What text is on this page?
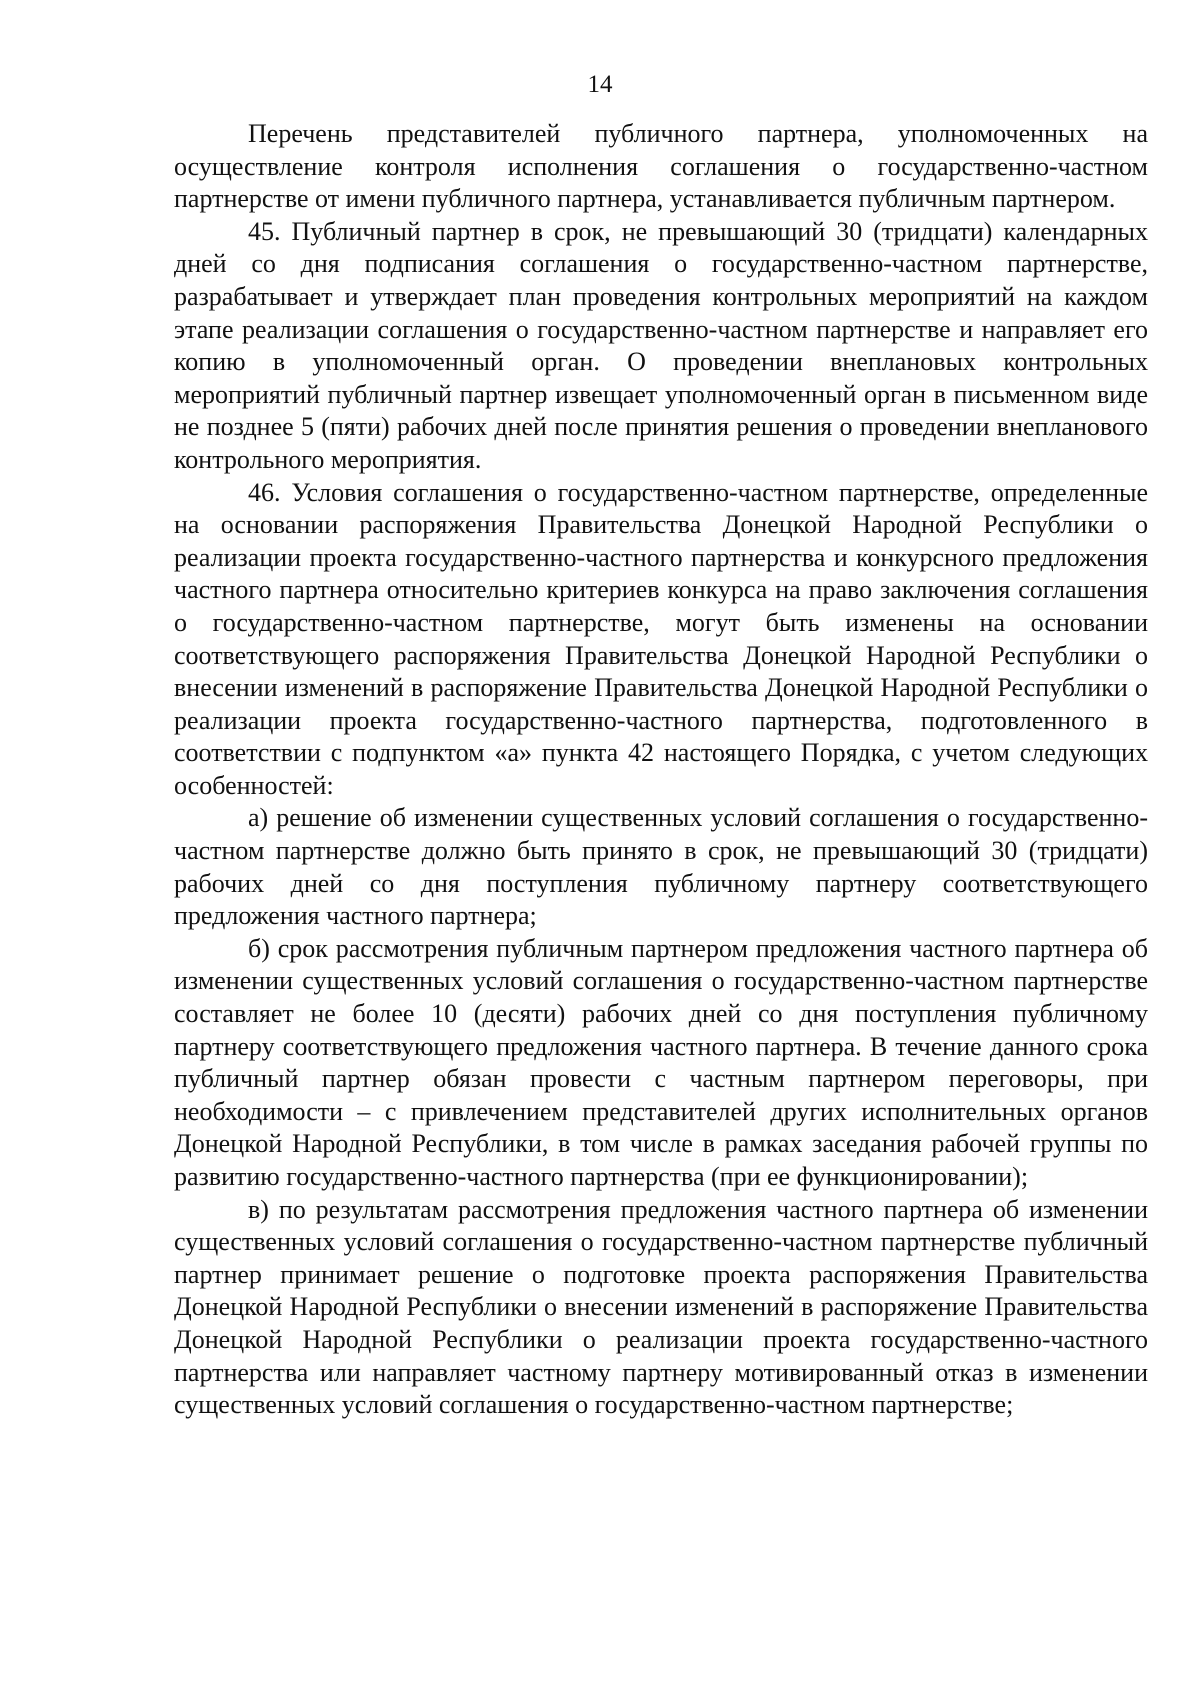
14

Перечень представителей публичного партнера, уполномоченных на осуществление контроля исполнения соглашения о государственно-частном партнерстве от имени публичного партнера, устанавливается публичным партнером.

45. Публичный партнер в срок, не превышающий 30 (тридцати) календарных дней со дня подписания соглашения о государственно-частном партнерстве, разрабатывает и утверждает план проведения контрольных мероприятий на каждом этапе реализации соглашения о государственно-частном партнерстве и направляет его копию в уполномоченный орган. О проведении внеплановых контрольных мероприятий публичный партнер извещает уполномоченный орган в письменном виде не позднее 5 (пяти) рабочих дней после принятия решения о проведении внепланового контрольного мероприятия.

46. Условия соглашения о государственно-частном партнерстве, определенные на основании распоряжения Правительства Донецкой Народной Республики о реализации проекта государственно-частного партнерства и конкурсного предложения частного партнера относительно критериев конкурса на право заключения соглашения о государственно-частном партнерстве, могут быть изменены на основании соответствующего распоряжения Правительства Донецкой Народной Республики о внесении изменений в распоряжение Правительства Донецкой Народной Республики о реализации проекта государственно-частного партнерства, подготовленного в соответствии с подпунктом «а» пункта 42 настоящего Порядка, с учетом следующих особенностей:

а) решение об изменении существенных условий соглашения о государственно-частном партнерстве должно быть принято в срок, не превышающий 30 (тридцати) рабочих дней со дня поступления публичному партнеру соответствующего предложения частного партнера;

б) срок рассмотрения публичным партнером предложения частного партнера об изменении существенных условий соглашения о государственно-частном партнерстве составляет не более 10 (десяти) рабочих дней со дня поступления публичному партнеру соответствующего предложения частного партнера. В течение данного срока публичный партнер обязан провести с частным партнером переговоры, при необходимости – с привлечением представителей других исполнительных органов Донецкой Народной Республики, в том числе в рамках заседания рабочей группы по развитию государственно-частного партнерства (при ее функционировании);

в) по результатам рассмотрения предложения частного партнера об изменении существенных условий соглашения о государственно-частном партнерстве публичный партнер принимает решение о подготовке проекта распоряжения Правительства Донецкой Народной Республики о внесении изменений в распоряжение Правительства Донецкой Народной Республики о реализации проекта государственно-частного партнерства или направляет частному партнеру мотивированный отказ в изменении существенных условий соглашения о государственно-частном партнерстве;
